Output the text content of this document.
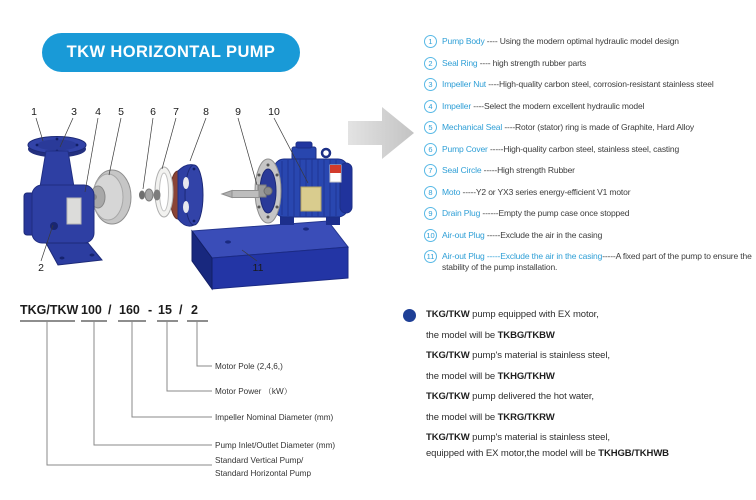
TKW HORIZONTAL PUMP
1
2
3 4 5 6 7 8 9	10
11
1	Pump Body ---- Using the modern optimal hydraulic model design
2	Seal Ring ---- high strength rubber parts
3	Impeller Nut ----High-quality carbon steel, corrosion-resistant stainless steel
4	Impeller ----Select the modern excellent hydraulic model
5	Mechanical Seal ----Rotor (stator) ring is made of Graphite, Hard Alloy
6	Pump Cover -----High-quality carbon steel, stainless steel, casting
7	Seal Circle -----High strength Rubber
8	Moto -----Y2 or YX3 series energy-efficient V1 motor
9	Drain Plug ------Empty the pump case once stopped
10 Air-out Plug -----Exclude the air in the casing
11 Air-out Plug -----Exclude the air in the casing-----A fixed part of the pump to ensure the stability of the pump installation.
TKG/TKW 100 / 160 - 15 / 2
Motor Pole (2,4,6,)
Motor Power （kW）
Impeller Nominal Diameter (mm)
Pump Inlet/Outlet Diameter (mm)
Standard Vertical Pump/
Standard Horizontal Pump
TKG/TKW pump equipped with EX motor,
the model will be TKBG/TKBW
TKG/TKW pump's material is stainless steel,
the model will be TKHG/TKHW
TKG/TKW pump delivered the hot water,
the model will be TKRG/TKRW
TKG/TKW pump's material is stainless steel,
equipped with EX motor,the model will be TKHGB/TKHWB
